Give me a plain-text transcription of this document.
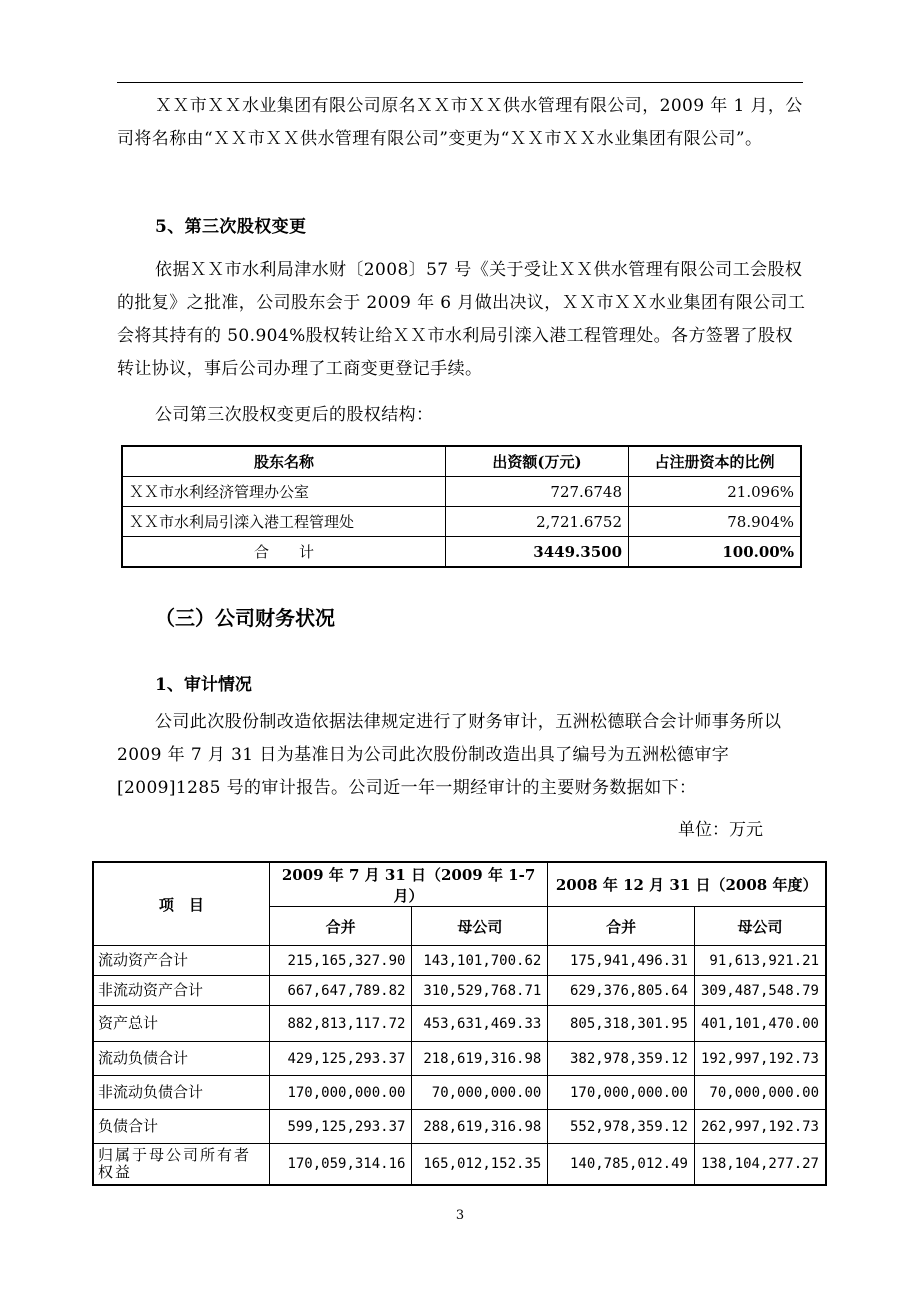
ＸＸ市ＸＸ水业集团有限公司原名ＸＸ市ＸＸ供水管理有限公司，2009 年 1 月，公司将名称由“ＸＸ市ＸＸ供水管理有限公司”变更为“ＸＸ市ＸＸ水业集团有限公司”。

5、第三次股权变更

依据ＸＸ市水利局津水财〔2008〕57 号《关于受让ＸＸ供水管理有限公司工会股权的批复》之批准，公司股东会于 2009 年 6 月做出决议，ＸＸ市ＸＸ水业集团有限公司工会将其持有的 50.904%股权转让给ＸＸ市水利局引滦入港工程管理处。各方签署了股权转让协议，事后公司办理了工商变更登记手续。

公司第三次股权变更后的股权结构：

股东名称	出资额(万元)	占注册资本的比例
ＸＸ市水利经济管理办公室	727.6748	21.096%
ＸＸ市水利局引滦入港工程管理处	2,721.6752	78.904%
合　　计	3449.3500	100.00%

（三）公司财务状况

1、审计情况

公司此次股份制改造依据法律规定进行了财务审计，五洲松德联合会计师事务所以 2009 年 7 月 31 日为基准日为公司此次股份制改造出具了编号为五洲松德审字[2009]1285 号的审计报告。公司近一年一期经审计的主要财务数据如下：

单位：万元
项　目	2009 年 7 月 31 日（2009 年 1-7 月）		2008 年 12 月 31 日（2008 年度）	
	合并	母公司	合并	母公司
流动资产合计	215,165,327.90	143,101,700.62	175,941,496.31	91,613,921.21
非流动资产合计	667,647,789.82	310,529,768.71	629,376,805.64	309,487,548.79
资产总计	882,813,117.72	453,631,469.33	805,318,301.95	401,101,470.00
流动负债合计	429,125,293.37	218,619,316.98	382,978,359.12	192,997,192.73
非流动负债合计	170,000,000.00	70,000,000.00	170,000,000.00	70,000,000.00
负债合计	599,125,293.37	288,619,316.98	552,978,359.12	262,997,192.73
归属于母公司所有者权益	170,059,314.16	165,012,152.35	140,785,012.49	138,104,277.27
3
